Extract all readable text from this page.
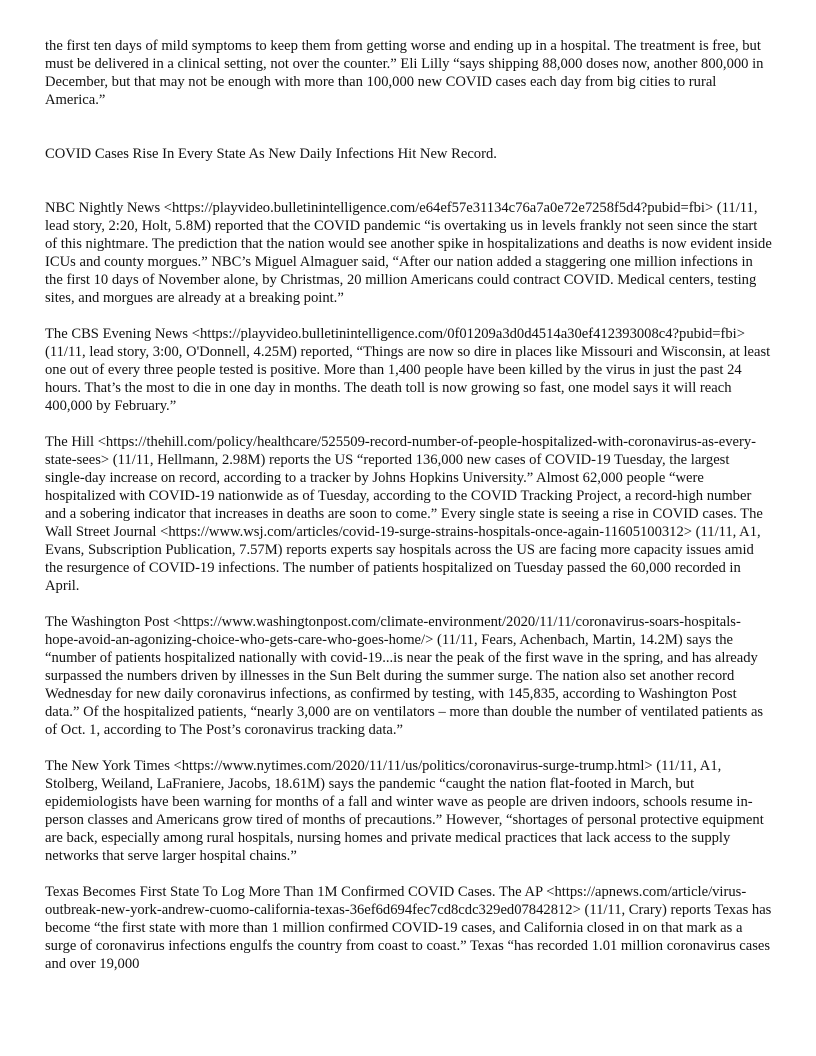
the first ten days of mild symptoms to keep them from getting worse and ending up in a hospital. The treatment is free, but must be delivered in a clinical setting, not over the counter.” Eli Lilly “says shipping 88,000 doses now, another 800,000 in December, but that may not be enough with more than 100,000 new COVID cases each day from big cities to rural America.”

COVID Cases Rise In Every State As New Daily Infections Hit New Record.

NBC Nightly News <https://playvideo.bulletinintelligence.com/e64ef57e31134c76a7a0e72e7258f5d4?pubid=fbi> (11/11, lead story, 2:20, Holt, 5.8M) reported that the COVID pandemic “is overtaking us in levels frankly not seen since the start of this nightmare. The prediction that the nation would see another spike in hospitalizations and deaths is now evident inside ICUs and county morgues.” NBC’s Miguel Almaguer said, “After our nation added a staggering one million infections in the first 10 days of November alone, by Christmas, 20 million Americans could contract COVID. Medical centers, testing sites, and morgues are already at a breaking point.”

The CBS Evening News <https://playvideo.bulletinintelligence.com/0f01209a3d0d4514a30ef412393008c4?pubid=fbi> (11/11, lead story, 3:00, O'Donnell, 4.25M) reported, “Things are now so dire in places like Missouri and Wisconsin, at least one out of every three people tested is positive. More than 1,400 people have been killed by the virus in just the past 24 hours. That’s the most to die in one day in months. The death toll is now growing so fast, one model says it will reach 400,000 by February.”

The Hill <https://thehill.com/policy/healthcare/525509-record-number-of-people-hospitalized-with-coronavirus-as-every-state-sees> (11/11, Hellmann, 2.98M) reports the US “reported 136,000 new cases of COVID-19 Tuesday, the largest single-day increase on record, according to a tracker by Johns Hopkins University.” Almost 62,000 people “were hospitalized with COVID-19 nationwide as of Tuesday, according to the COVID Tracking Project, a record-high number and a sobering indicator that increases in deaths are soon to come.” Every single state is seeing a rise in COVID cases. The Wall Street Journal <https://www.wsj.com/articles/covid-19-surge-strains-hospitals-once-again-11605100312> (11/11, A1, Evans, Subscription Publication, 7.57M) reports experts say hospitals across the US are facing more capacity issues amid the resurgence of COVID-19 infections. The number of patients hospitalized on Tuesday passed the 60,000 recorded in April.

The Washington Post <https://www.washingtonpost.com/climate-environment/2020/11/11/coronavirus-soars-hospitals-hope-avoid-an-agonizing-choice-who-gets-care-who-goes-home/> (11/11, Fears, Achenbach, Martin, 14.2M) says the “number of patients hospitalized nationally with covid-19...is near the peak of the first wave in the spring, and has already surpassed the numbers driven by illnesses in the Sun Belt during the summer surge. The nation also set another record Wednesday for new daily coronavirus infections, as confirmed by testing, with 145,835, according to Washington Post data.” Of the hospitalized patients, “nearly 3,000 are on ventilators – more than double the number of ventilated patients as of Oct. 1, according to The Post’s coronavirus tracking data.”

The New York Times <https://www.nytimes.com/2020/11/11/us/politics/coronavirus-surge-trump.html> (11/11, A1, Stolberg, Weiland, LaFraniere, Jacobs, 18.61M) says the pandemic “caught the nation flat-footed in March, but epidemiologists have been warning for months of a fall and winter wave as people are driven indoors, schools resume in-person classes and Americans grow tired of months of precautions.” However, “shortages of personal protective equipment are back, especially among rural hospitals, nursing homes and private medical practices that lack access to the supply networks that serve larger hospital chains.”

Texas Becomes First State To Log More Than 1M Confirmed COVID Cases. The AP <https://apnews.com/article/virus-outbreak-new-york-andrew-cuomo-california-texas-36ef6d694fec7cd8cdc329ed07842812> (11/11, Crary) reports Texas has become “the first state with more than 1 million confirmed COVID-19 cases, and California closed in on that mark as a surge of coronavirus infections engulfs the country from coast to coast.” Texas “has recorded 1.01 million coronavirus cases and over 19,000
